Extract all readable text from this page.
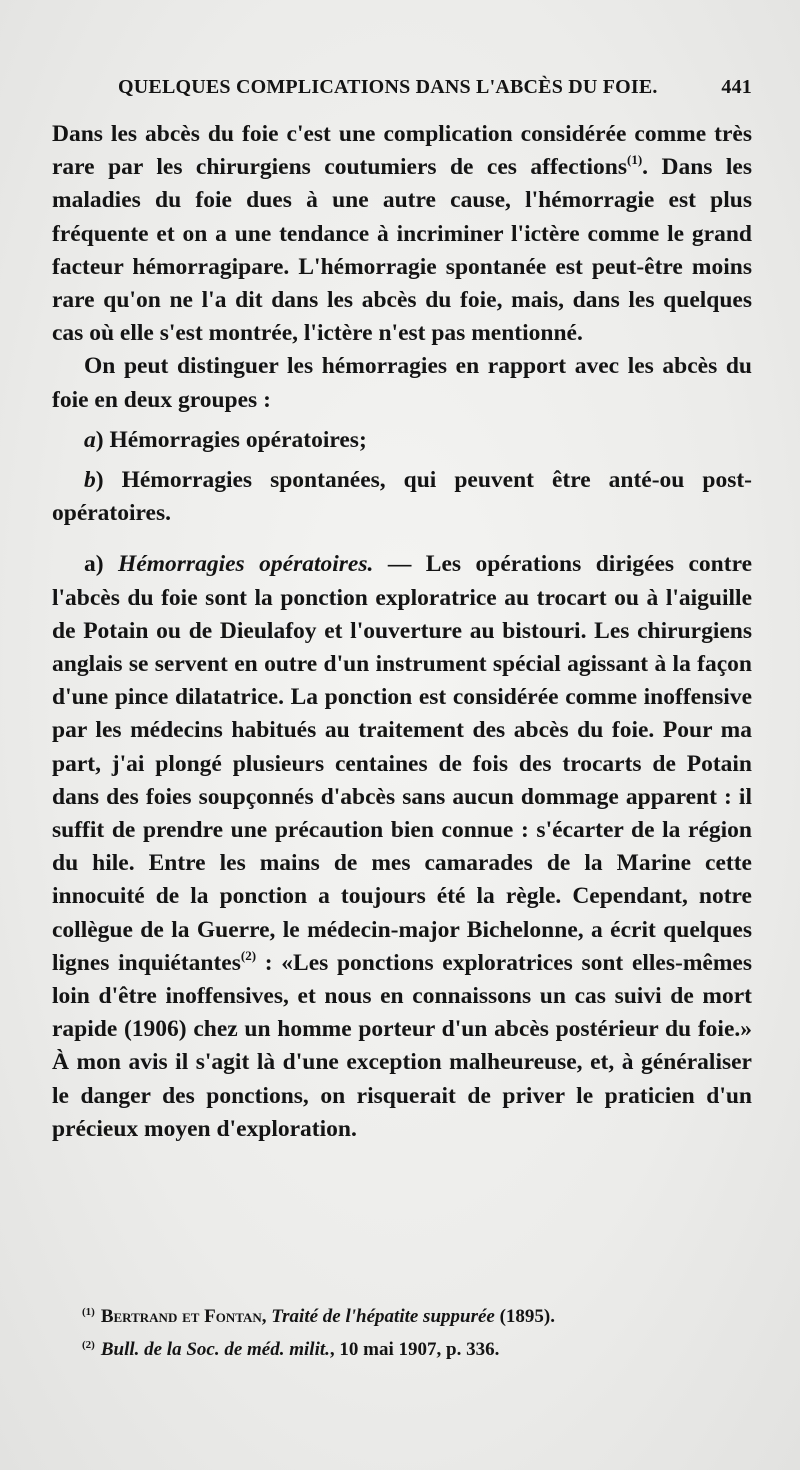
QUELQUES COMPLICATIONS DANS L'ABCÈS DU FOIE.	441

Dans les abcès du foie c'est une complication considérée comme très rare par les chirurgiens coutumiers de ces affections$^{(1)}$. Dans les maladies du foie dues à une autre cause, l'hémorragie est plus fréquente et on a une tendance à incriminer l'ictère comme le grand facteur hémorragipare. L'hémorragie spontanée est peut-être moins rare qu'on ne l'a dit dans les abcès du foie, mais, dans les quelques cas où elle s'est montrée, l'ictère n'est pas mentionné.

On peut distinguer les hémorragies en rapport avec les abcès du foie en deux groupes :

a) Hémorragies opératoires;

b) Hémorragies spontanées, qui peuvent être anté-ou post-opératoires.

a) Hémorragies opératoires. — Les opérations dirigées contre l'abcès du foie sont la ponction exploratrice au trocart ou à l'aiguille de Potain ou de Dieulafoy et l'ouverture au bistouri. Les chirurgiens anglais se servent en outre d'un instrument spécial agissant à la façon d'une pince dilatatrice. La ponction est considérée comme inoffensive par les médecins habitués au traitement des abcès du foie. Pour ma part, j'ai plongé plusieurs centaines de fois des trocarts de Potain dans des foies soupçonnés d'abcès sans aucun dommage apparent : il suffit de prendre une précaution bien connue : s'écarter de la région du hile. Entre les mains de mes camarades de la Marine cette innocuité de la ponction a toujours été la règle. Cependant, notre collègue de la Guerre, le médecin-major Bichelonne, a écrit quelques lignes inquiétantes$^{(2)}$ : «Les ponctions exploratrices sont elles-mêmes loin d'être inoffensives, et nous en connaissons un cas suivi de mort rapide (1906) chez un homme porteur d'un abcès postérieur du foie.» À mon avis il s'agit là d'une exception malheureuse, et, à généraliser le danger des ponctions, on risquerait de priver le praticien d'un précieux moyen d'exploration.

$^{(1)}$ Bertrand et Fontan, Traité de l'hépatite suppurée (1895).

$^{(2)}$ Bull. de la Soc. de méd. milit., 10 mai 1907, p. 336.
